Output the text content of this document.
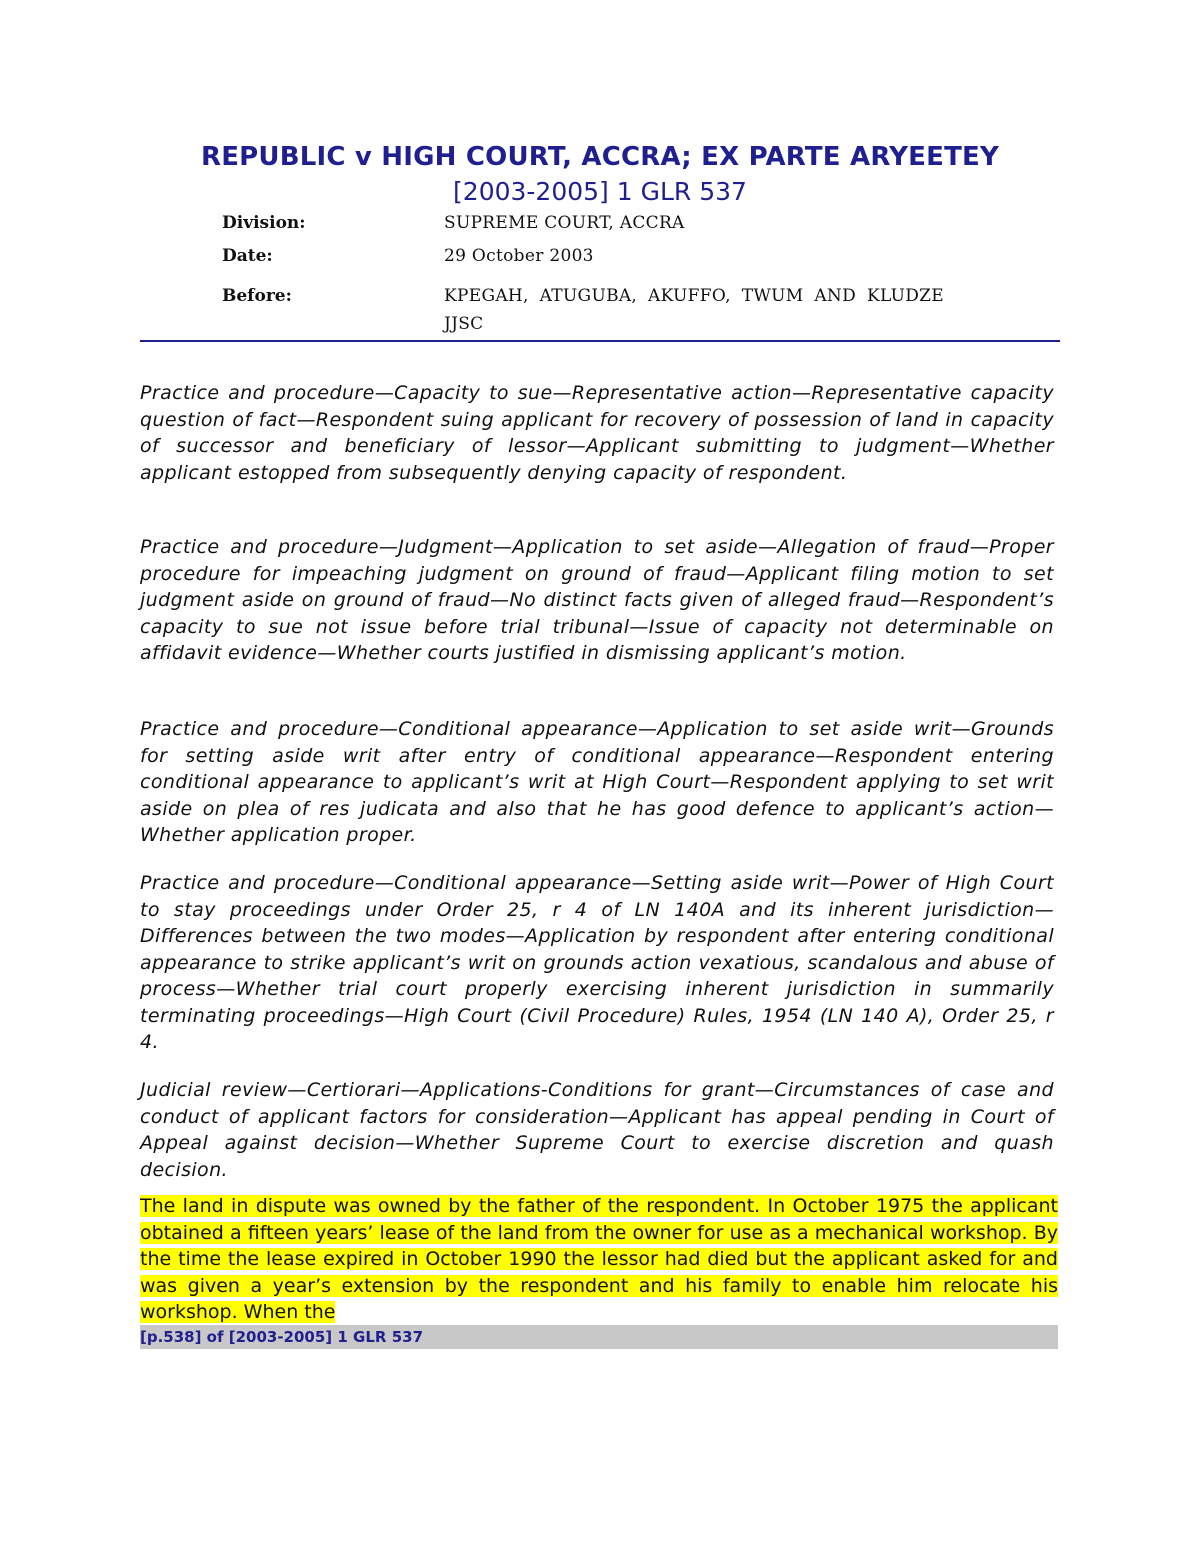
REPUBLIC v HIGH COURT, ACCRA; EX PARTE ARYEETEY
[2003-2005] 1 GLR 537
Division:	SUPREME COURT, ACCRA
Date:	29 October 2003
Before:	KPEGAH, ATUGUBA, AKUFFO, TWUM AND KLUDZE JJSC
Practice and procedure—Capacity to sue—Representative action—Representative capacity question of fact—Respondent suing applicant for recovery of possession of land in capacity of successor and beneficiary of lessor—Applicant submitting to judgment—Whether applicant estopped from subsequently denying capacity of respondent.
Practice and procedure—Judgment—Application to set aside—Allegation of fraud—Proper procedure for impeaching judgment on ground of fraud—Applicant filing motion to set judgment aside on ground of fraud—No distinct facts given of alleged fraud—Respondent’s capacity to sue not issue before trial tribunal—Issue of capacity not determinable on affidavit evidence—Whether courts justified in dismissing applicant’s motion.
Practice and procedure—Conditional appearance—Application to set aside writ—Grounds for setting aside writ after entry of conditional appearance—Respondent entering conditional appearance to applicant’s writ at High Court—Respondent applying to set writ aside on plea of res judicata and also that he has good defence to applicant’s action—Whether application proper.
Practice and procedure—Conditional appearance—Setting aside writ—Power of High Court to stay proceedings under Order 25, r 4 of LN 140A and its inherent jurisdiction—Differences between the two modes—Application by respondent after entering conditional appearance to strike applicant’s writ on grounds action vexatious, scandalous and abuse of process—Whether trial court properly exercising inherent jurisdiction in summarily terminating proceedings—High Court (Civil Procedure) Rules, 1954 (LN 140 A), Order 25, r 4.
Judicial review—Certiorari—Applications-Conditions for grant—Circumstances of case and conduct of applicant factors for consideration—Applicant has appeal pending in Court of Appeal against decision—Whether Supreme Court to exercise discretion and quash decision.
The land in dispute was owned by the father of the respondent. In October 1975 the applicant obtained a fifteen years’ lease of the land from the owner for use as a mechanical workshop. By the time the lease expired in October 1990 the lessor had died but the applicant asked for and was given a year’s extension by the respondent and his family to enable him relocate his workshop. When the
[p.538] of [2003-2005] 1 GLR 537
